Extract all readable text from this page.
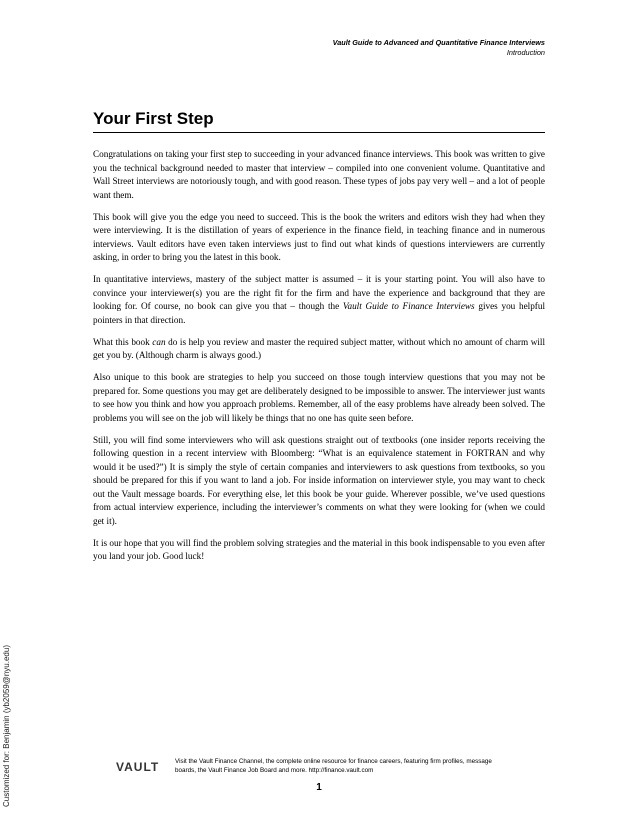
Vault Guide to Advanced and Quantitative Finance Interviews
Introduction
Your First Step

Congratulations on taking your first step to succeeding in your advanced finance interviews. This book was written to give you the technical background needed to master that interview – compiled into one convenient volume. Quantitative and Wall Street interviews are notoriously tough, and with good reason. These types of jobs pay very well – and a lot of people want them.

This book will give you the edge you need to succeed. This is the book the writers and editors wish they had when they were interviewing. It is the distillation of years of experience in the finance field, in teaching finance and in numerous interviews. Vault editors have even taken interviews just to find out what kinds of questions interviewers are currently asking, in order to bring you the latest in this book.

In quantitative interviews, mastery of the subject matter is assumed – it is your starting point. You will also have to convince your interviewer(s) you are the right fit for the firm and have the experience and background that they are looking for. Of course, no book can give you that – though the Vault Guide to Finance Interviews gives you helpful pointers in that direction.

What this book can do is help you review and master the required subject matter, without which no amount of charm will get you by. (Although charm is always good.)

Also unique to this book are strategies to help you succeed on those tough interview questions that you may not be prepared for. Some questions you may get are deliberately designed to be impossible to answer. The interviewer just wants to see how you think and how you approach problems. Remember, all of the easy problems have already been solved. The problems you will see on the job will likely be things that no one has quite seen before.

Still, you will find some interviewers who will ask questions straight out of textbooks (one insider reports receiving the following question in a recent interview with Bloomberg: “What is an equivalence statement in FORTRAN and why would it be used?”) It is simply the style of certain companies and interviewers to ask questions from textbooks, so you should be prepared for this if you want to land a job. For inside information on interviewer style, you may want to check out the Vault message boards. For everything else, let this book be your guide. Wherever possible, we’ve used questions from actual interview experience, including the interviewer’s comments on what they were looking for (when we could get it).

It is our hope that you will find the problem solving strategies and the material in this book indispensable to you even after you land your job. Good luck!

Customized for: Benjamin (yb2059@nyu.edu)	VAULT	Visit the Vault Finance Channel, the complete online resource for finance careers, featuring firm profiles, message boards, the Vault Finance Job Board and more. http://finance.vault.com
1
